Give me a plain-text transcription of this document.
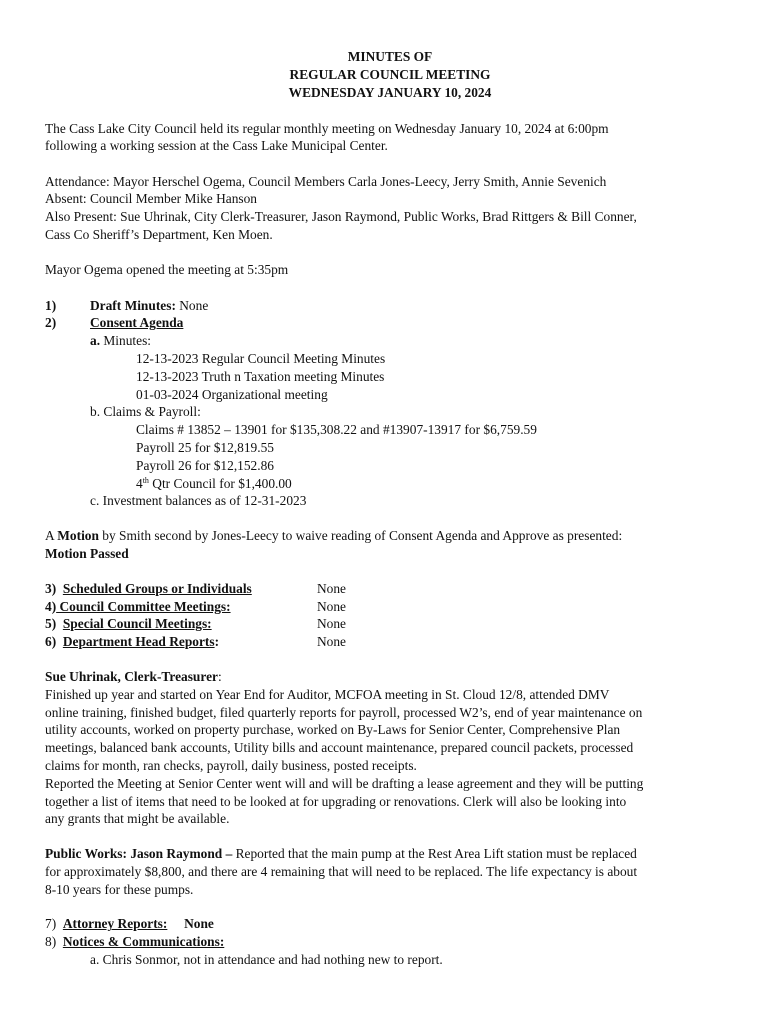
MINUTES OF
REGULAR COUNCIL MEETING
WEDNESDAY JANUARY 10, 2024

The Cass Lake City Council held its regular monthly meeting on Wednesday January 10, 2024 at 6:00pm

following a working session at the Cass Lake Municipal Center.

Attendance: Mayor Herschel Ogema, Council Members Carla Jones-Leecy, Jerry Smith, Annie Sevenich

Absent: Council Member Mike Hanson

Also Present: Sue Uhrinak, City Clerk-Treasurer, Jason Raymond, Public Works, Brad Rittgers & Bill Conner,

Cass Co Sheriff’s Department, Ken Moen.

Mayor Ogema opened the meeting at 5:35pm

1)	Draft Minutes: None

2)	Consent Agenda

a. Minutes:

12-13-2023 Regular Council Meeting Minutes

12-13-2023 Truth n Taxation meeting Minutes

01-03-2024 Organizational meeting

b. Claims & Payroll:

Claims # 13852 – 13901 for $135,308.22 and #13907-13917 for $6,759.59

Payroll 25 for $12,819.55

Payroll 26 for $12,152.86

4th Qtr Council for $1,400.00

c. Investment balances as of 12-31-2023

A Motion by Smith second by Jones-Leecy to waive reading of Consent Agenda and Approve as presented:

Motion Passed

3) Scheduled Groups or Individuals	None
4) Council Committee Meetings:	None
5) Special Council Meetings:	None
6) Department Head Reports:	None

Sue Uhrinak, Clerk-Treasurer:

Finished up year and started on Year End for Auditor, MCFOA meeting in St. Cloud 12/8, attended DMV

online training, finished budget, filed quarterly reports for payroll, processed W2’s, end of year maintenance on

utility accounts, worked on property purchase, worked on By-Laws for Senior Center, Comprehensive Plan

meetings, balanced bank accounts, Utility bills and account maintenance, prepared council packets, processed

claims for month, ran checks, payroll, daily business, posted receipts.

Reported the Meeting at Senior Center went will and will be drafting a lease agreement and they will be putting

together a list of items that need to be looked at for upgrading or renovations. Clerk will also be looking into

any grants that might be available.

Public Works: Jason Raymond – Reported that the main pump at the Rest Area Lift station must be replaced

for approximately $8,800, and there are 4 remaining that will need to be replaced. The life expectancy is about

8-10 years for these pumps.

7) Attorney Reports: None

8) Notices & Communications:

a. Chris Sonmor, not in attendance and had nothing new to report.
